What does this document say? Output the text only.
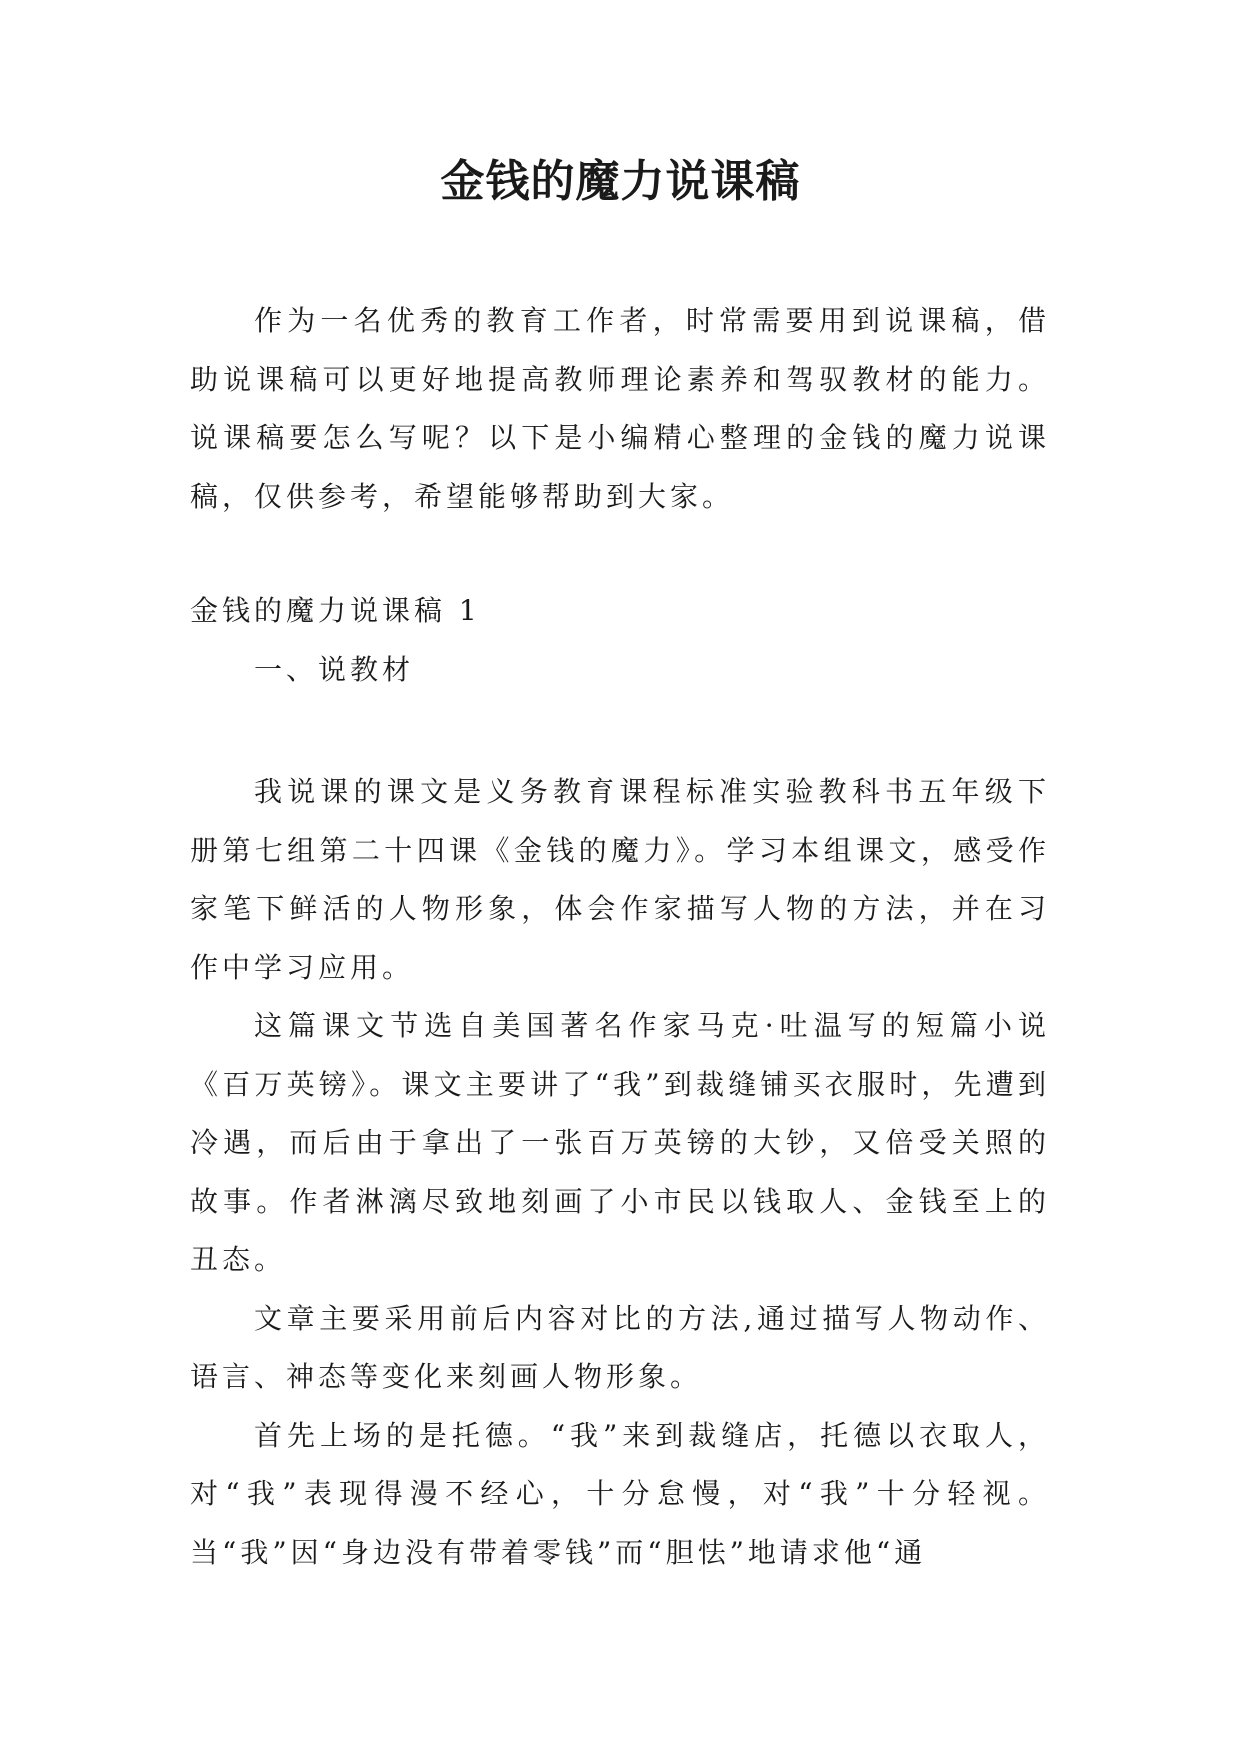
金钱的魔力说课稿

作为一名优秀的教育工作者，时常需要用到说课稿，借助说课稿可以更好地提高教师理论素养和驾驭教材的能力。说课稿要怎么写呢？以下是小编精心整理的金钱的魔力说课稿，仅供参考，希望能够帮助到大家。

金钱的魔力说课稿 1

一、说教材

我说课的课文是义务教育课程标准实验教科书五年级下册第七组第二十四课《金钱的魔力》。学习本组课文，感受作家笔下鲜活的人物形象，体会作家描写人物的方法，并在习作中学习应用。

这篇课文节选自美国著名作家马克·吐温写的短篇小说《百万英镑》。课文主要讲了“我”到裁缝铺买衣服时，先遭到冷遇，而后由于拿出了一张百万英镑的大钞，又倍受关照的故事。作者淋漓尽致地刻画了小市民以钱取人、金钱至上的丑态。

文章主要采用前后内容对比的方法,通过描写人物动作、语言、神态等变化来刻画人物形象。

首先上场的是托德。“我”来到裁缝店，托德以衣取人，对“我”表现得漫不经心，十分怠慢，对“我”十分轻视。当“我”因“身边没有带着零钱”而“胆怯”地请求他“通
